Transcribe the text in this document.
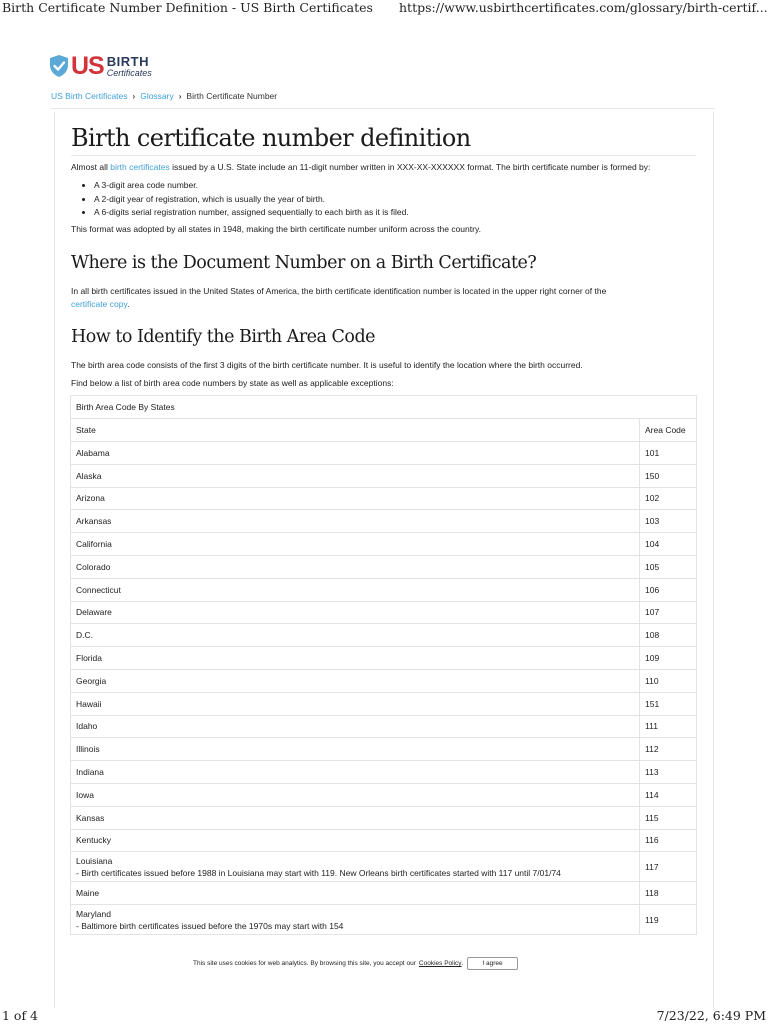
Birth Certificate Number Definition - US Birth Certificates https://www.usbirthcertificates.com/glossary/birth-certif...
US BIRTH
Certificates
US Birth Certificates › Glossary › Birth Certificate Number
Birth certificate number definition
Almost all birth certificates issued by a U.S. State include an 11-digit number written in XXX-XX-XXXXXX format. The birth certificate number is formed by:
• A 3-digit area code number.
• A 2-digit year of registration, which is usually the year of birth.
• A 6-digits serial registration number, assigned sequentially to each birth as it is filed.
This format was adopted by all states in 1948, making the birth certificate number uniform across the country.
Where is the Document Number on a Birth Certificate?
In all birth certificates issued in the United States of America, the birth certificate identification number is located in the upper right corner of the
certificate copy.
How to Identify the Birth Area Code
The birth area code consists of the first 3 digits of the birth certificate number. It is useful to identify the location where the birth occurred.
Find below a list of birth area code numbers by state as well as applicable exceptions:
Birth Area Code By States	
State	Area Code
Alabama	101
Alaska	150
Arizona	102
Arkansas	103
California	104
Colorado	105
Connecticut	106
Delaware	107
D.C.	108
Florida	109
Georgia	110
Hawaii	151
Idaho	111
Illinois	112
Indiana	113
Iowa	114
Kansas	115
Kentucky	116
Louisiana
- Birth certificates issued before 1988 in Louisiana may start with 119. New Orleans birth certificates started with 117 until 7/01/74	117
Maine	118
Maryland
- Baltimore birth certificates issued before the 1970s may start with 154	119
This site uses cookies for web analytics. By browsing this site, you accept our Cookies Policy .	I agree
1 of 4	7/23/22, 6:49 PM
